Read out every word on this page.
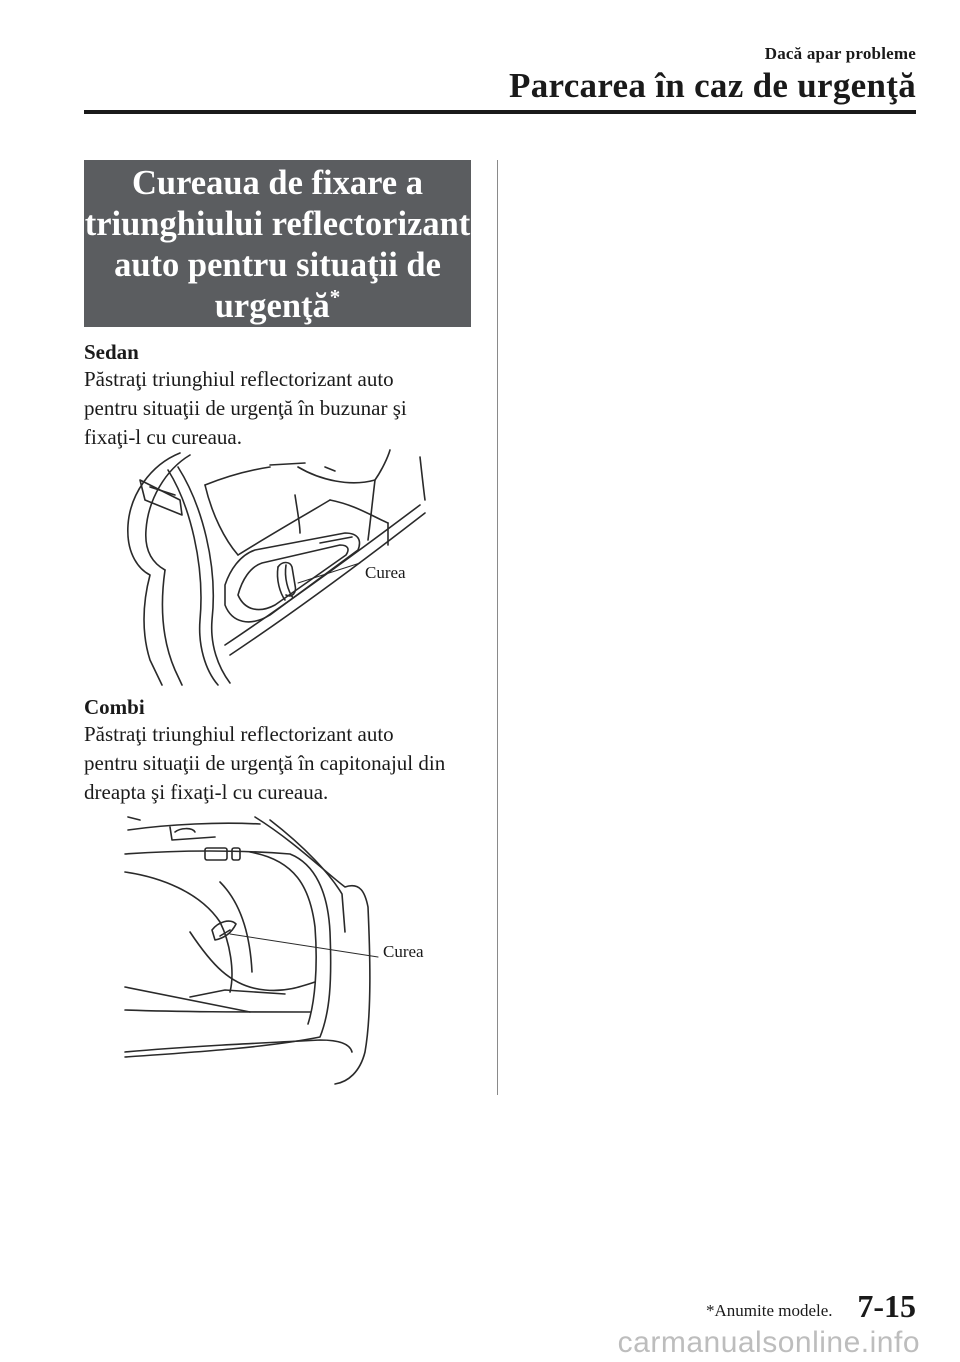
Dacă apar probleme
Parcarea în caz de urgenţă
Cureaua de fixare a
triunghiului reflectorizant
auto pentru situaţii de
urgenţă*
Sedan
Păstraţi triunghiul reflectorizant auto
pentru situaţii de urgenţă în buzunar şi
fixaţi-l cu cureaua.
Curea
Combi
Păstraţi triunghiul reflectorizant auto
pentru situaţii de urgenţă în capitonajul din
dreapta şi fixaţi-l cu cureaua.
Curea
*Anumite modele. 7-15
carmanualsonline.info
